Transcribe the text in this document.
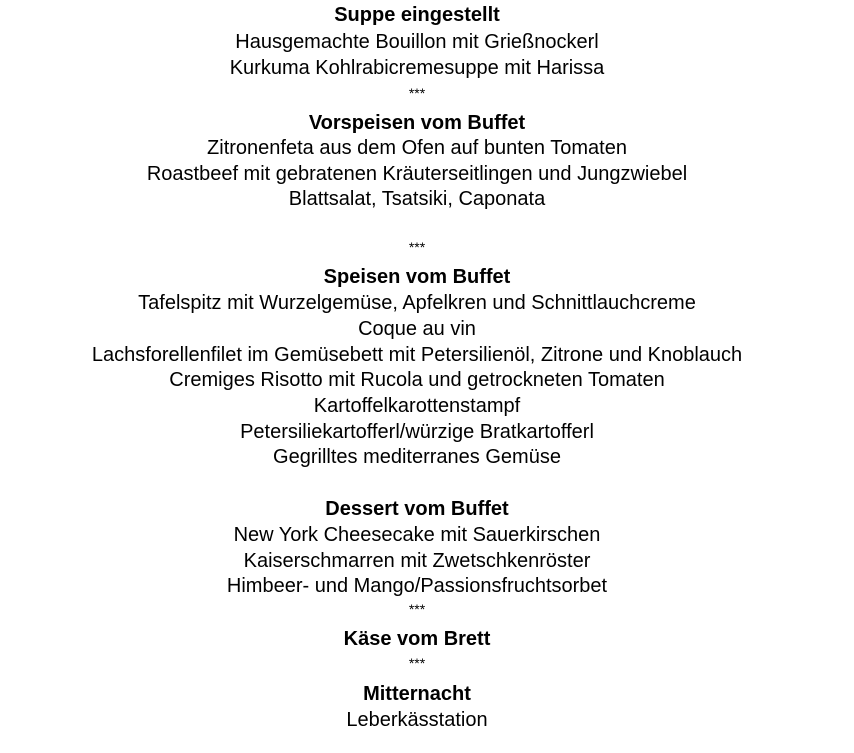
Suppe eingestellt
Hausgemachte Bouillon mit Grießnockerl
Kurkuma Kohlrabicremesuppe mit Harissa
***
Vorspeisen vom Buffet
Zitronenfeta aus dem Ofen auf bunten Tomaten
Roastbeef mit gebratenen Kräuterseitlingen und Jungzwiebel
Blattsalat, Tsatsiki, Caponata
***
Speisen vom Buffet
Tafelspitz mit Wurzelgemüse, Apfelkren und Schnittlauchcreme
Coque au vin
Lachsforellenfilet im Gemüsebett mit Petersilienöl, Zitrone und Knoblauch
Cremiges Risotto mit Rucola und getrockneten Tomaten
Kartoffelkarottenstampf
Petersiliekartofferl/würzige Bratkartofferl
Gegrilltes mediterranes Gemüse
Dessert vom Buffet
New York Cheesecake mit Sauerkirschen
Kaiserschmarren mit Zwetschkenröster
Himbeer- und Mango/Passionsfruchtsorbet
***
Käse vom Brett
***
Mitternacht
Leberkässtation
